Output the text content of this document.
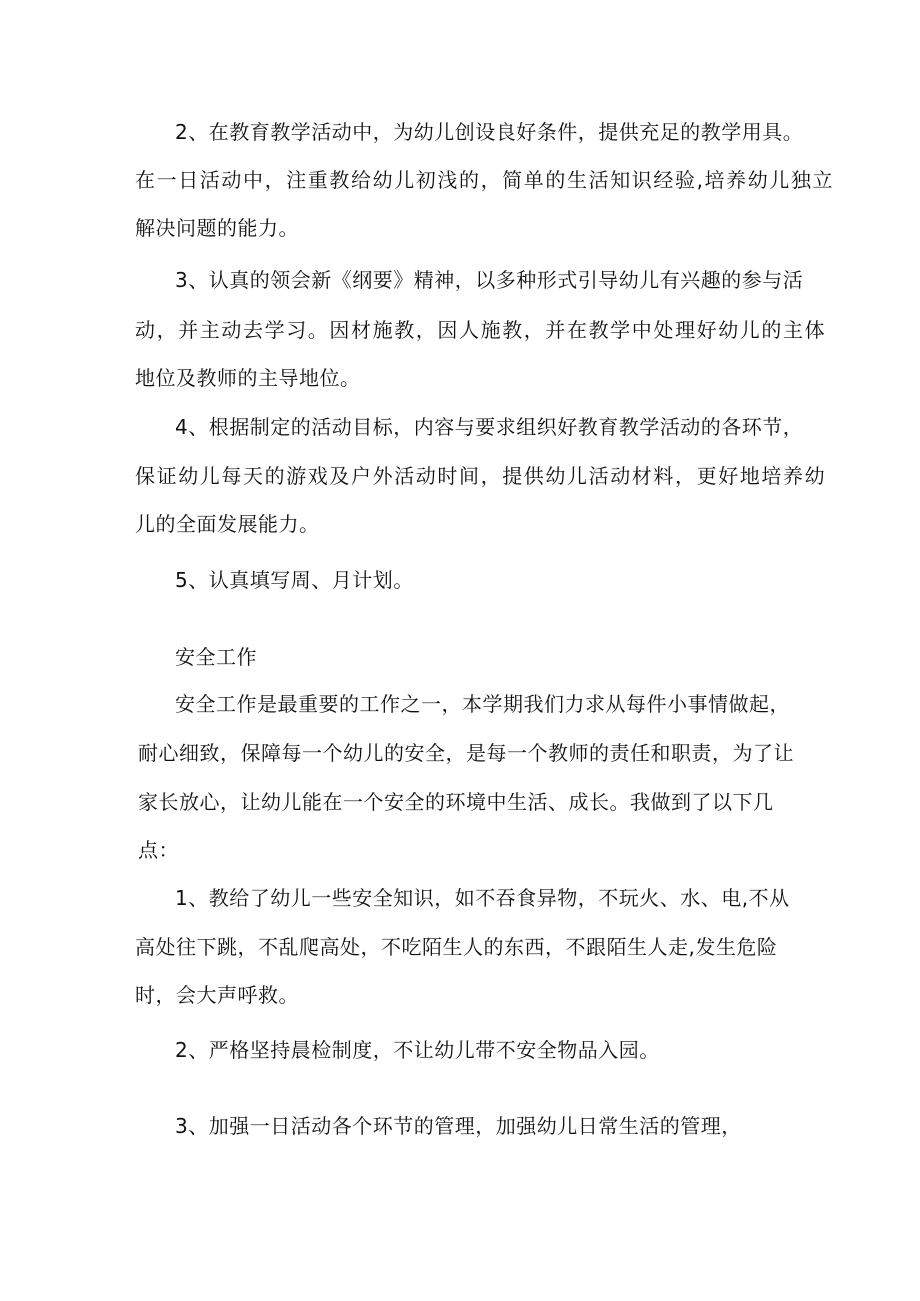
2、在教育教学活动中，为幼儿创设良好条件，提供充足的教学用具。
在一日活动中，注重教给幼儿初浅的，简单的生活知识经验,培养幼儿独立
解决问题的能力。
3、认真的领会新《纲要》精神，以多种形式引导幼儿有兴趣的参与活
动，并主动去学习。因材施教，因人施教，并在教学中处理好幼儿的主体
地位及教师的主导地位。
4、根据制定的活动目标，内容与要求组织好教育教学活动的各环节，
保证幼儿每天的游戏及户外活动时间，提供幼儿活动材料，更好地培养幼
儿的全面发展能力。
5、认真填写周、月计划。
安全工作
安全工作是最重要的工作之一，本学期我们力求从每件小事情做起，
耐心细致，保障每一个幼儿的安全，是每一个教师的责任和职责，为了让
家长放心，让幼儿能在一个安全的环境中生活、成长。我做到了以下几
点：
1、教给了幼儿一些安全知识，如不吞食异物，不玩火、水、电,不从
高处往下跳，不乱爬高处，不吃陌生人的东西，不跟陌生人走,发生危险
时，会大声呼救。
2、严格坚持晨检制度，不让幼儿带不安全物品入园。
3、加强一日活动各个环节的管理，加强幼儿日常生活的管理，
